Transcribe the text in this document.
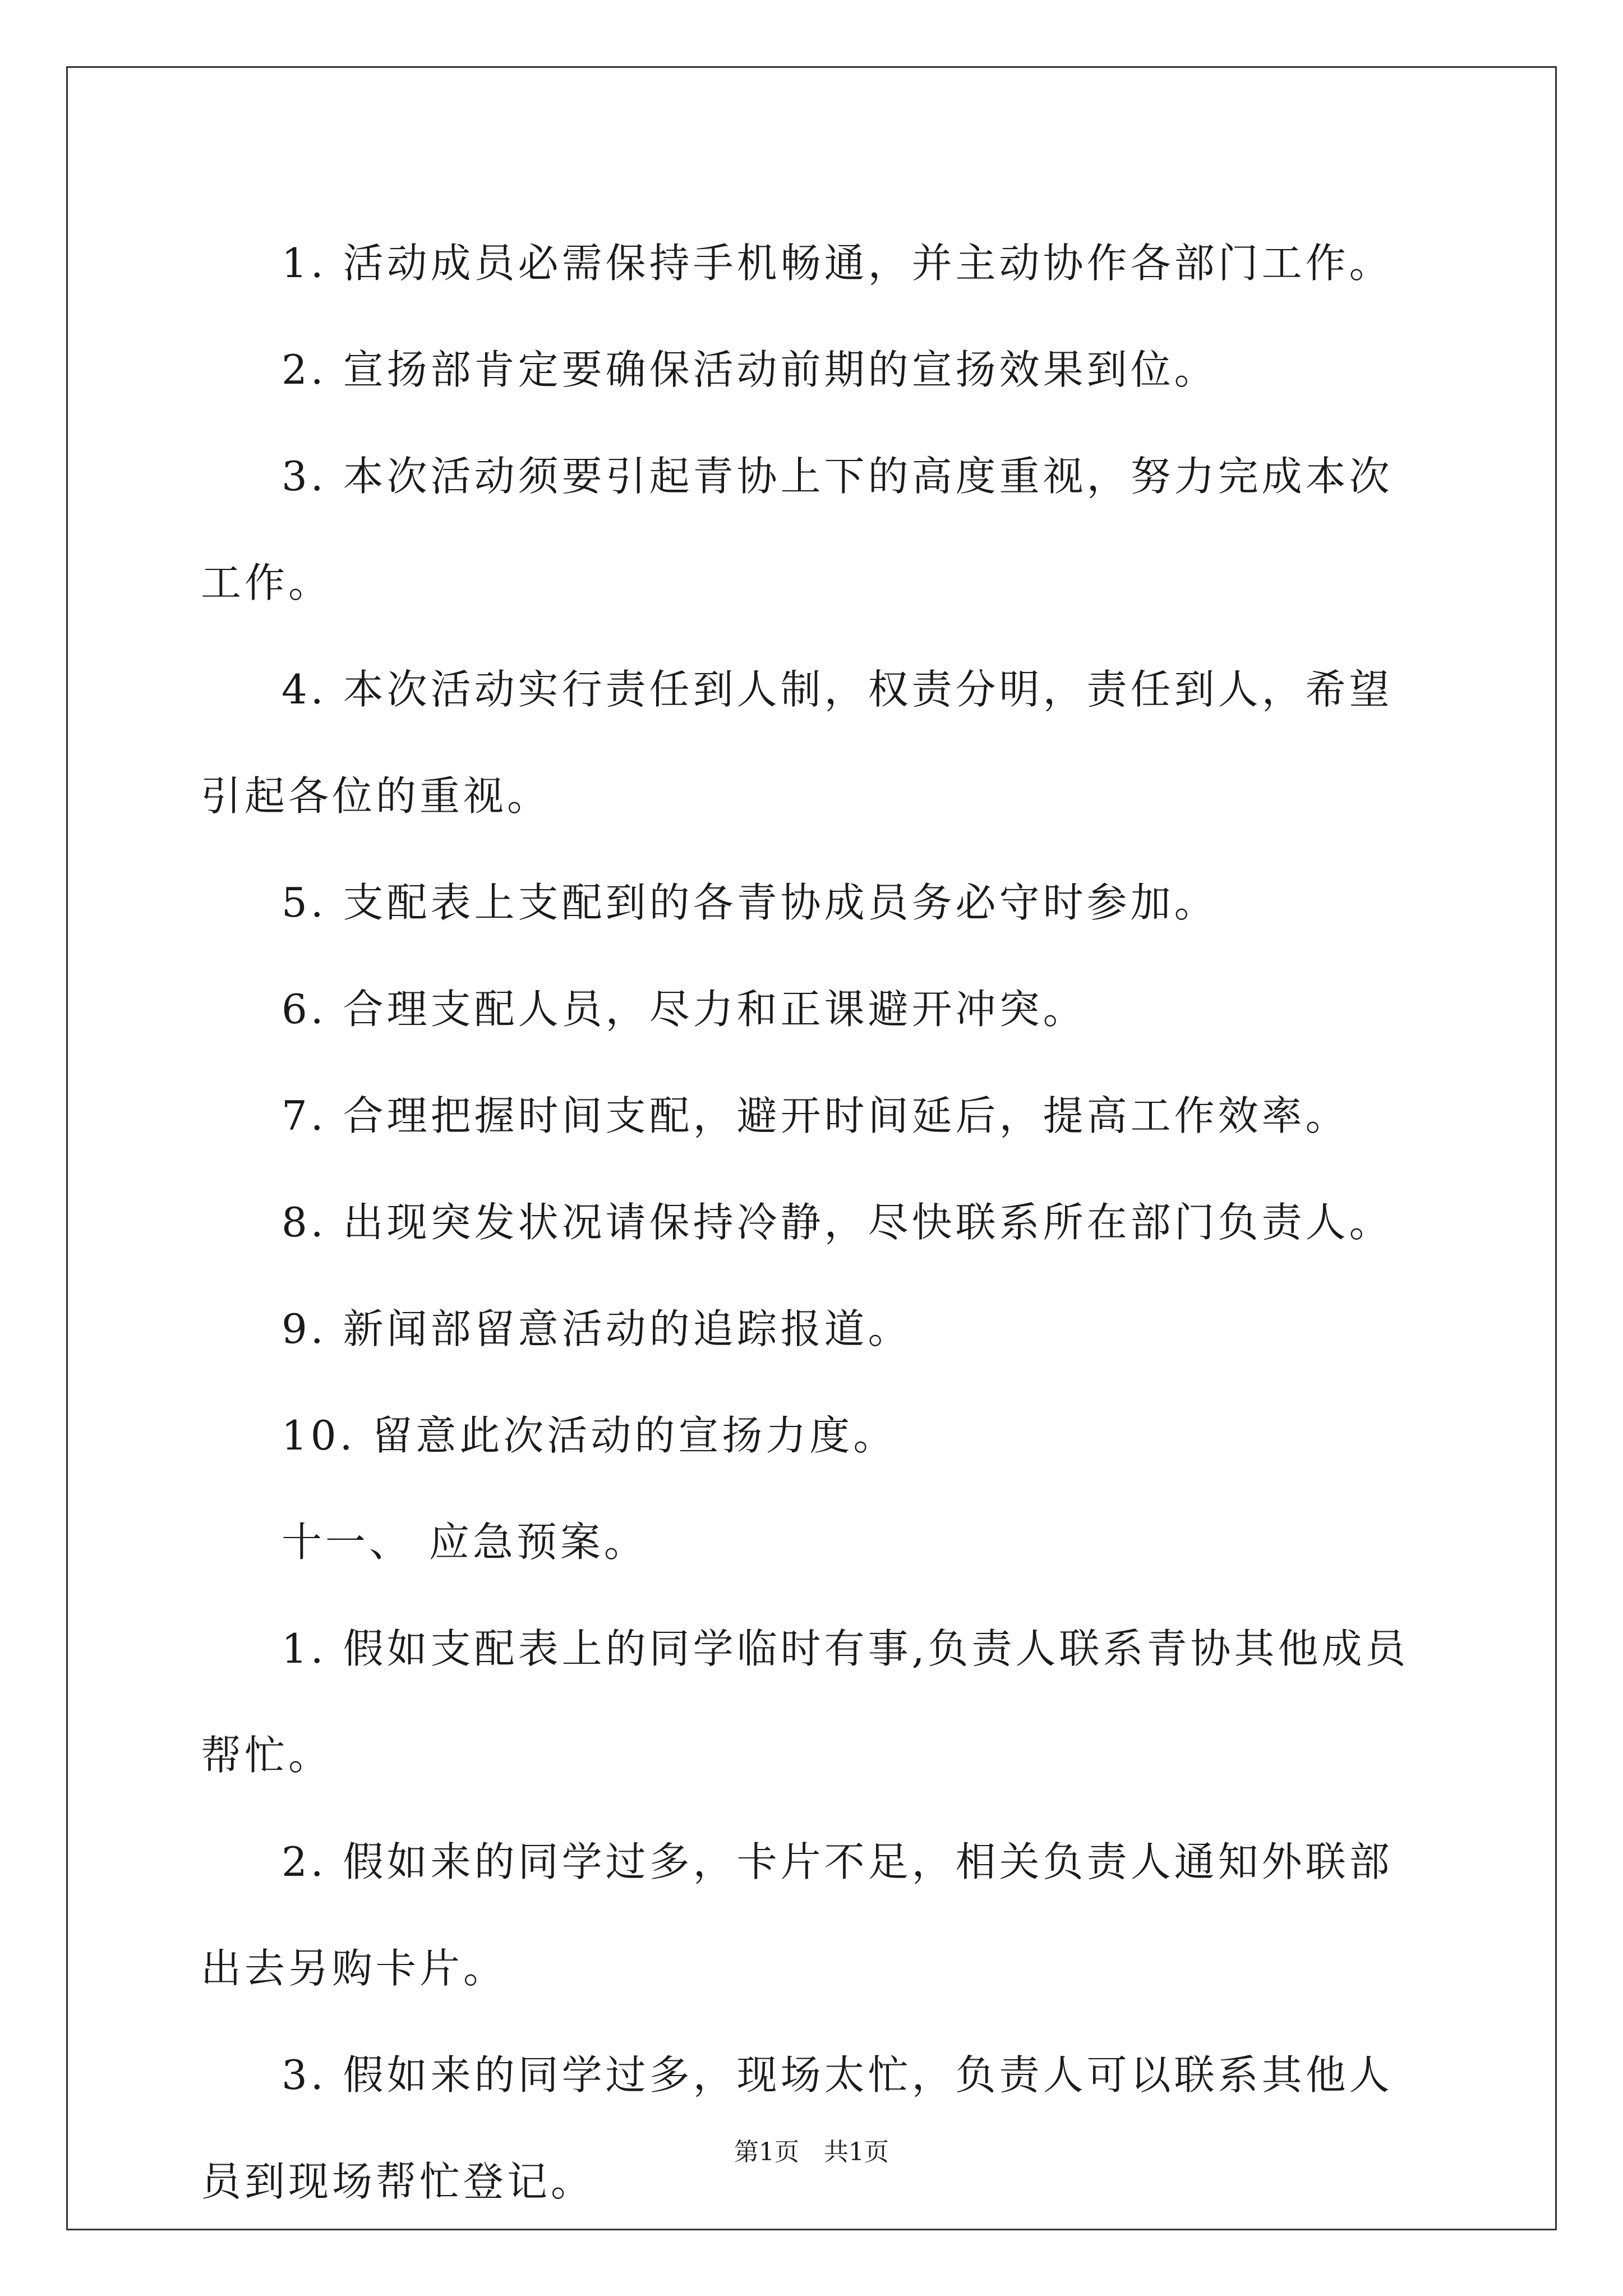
1. 活动成员必需保持手机畅通，并主动协作各部门工作。

2. 宣扬部肯定要确保活动前期的宣扬效果到位。

3. 本次活动须要引起青协上下的高度重视，努力完成本次工作。

4. 本次活动实行责任到人制，权责分明，责任到人，希望引起各位的重视。

5. 支配表上支配到的各青协成员务必守时参加。

6. 合理支配人员，尽力和正课避开冲突。

7. 合理把握时间支配，避开时间延后，提高工作效率。

8. 出现突发状况请保持冷静，尽快联系所在部门负责人。

9. 新闻部留意活动的追踪报道。

10. 留意此次活动的宣扬力度。

十一、 应急预案。

1. 假如支配表上的同学临时有事,负责人联系青协其他成员帮忙。

2. 假如来的同学过多，卡片不足，相关负责人通知外联部出去另购卡片。

3. 假如来的同学过多，现场太忙，负责人可以联系其他人员到现场帮忙登记。

第1页　共1页
